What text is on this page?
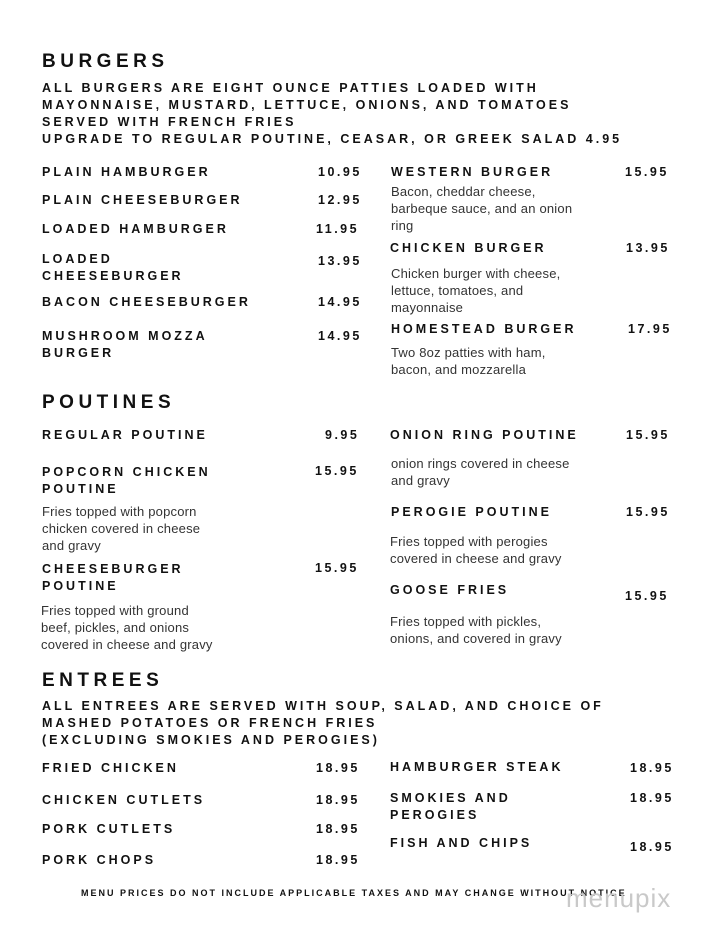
BURGERS
ALL BURGERS ARE EIGHT OUNCE PATTIES LOADED WITH
MAYONNAISE, MUSTARD, LETTUCE, ONIONS, AND TOMATOES
SERVED WITH FRENCH FRIES
UPGRADE TO REGULAR POUTINE, CEASAR, OR GREEK SALAD 4.95
PLAIN HAMBURGER	10.95
PLAIN CHEESEBURGER	12.95
LOADED HAMBURGER	11.95
LOADED
CHEESEBURGER
13.95
BACON CHEESEBURGER	14.95
MUSHROOM MOZZA
BURGER
14.95
WESTERN BURGER	15.95
Bacon, cheddar cheese,
barbeque sauce, and an onion
ring
CHICKEN BURGER	13.95
Chicken burger with cheese,
lettuce, tomatoes, and
mayonnaise
HOMESTEAD BURGER	17.95
Two 8oz patties with ham,
bacon, and mozzarella
POUTINES
REGULAR POUTINE	9.95
POPCORN CHICKEN
POUTINE
15.95
Fries topped with popcorn
chicken covered in cheese
and gravy
CHEESEBURGER
POUTINE
15.95
Fries topped with ground
beef, pickles, and onions
covered in cheese and gravy
ONION RING POUTINE	15.95
onion rings covered in cheese
and gravy
PEROGIE POUTINE	15.95
Fries topped with perogies
covered in cheese and gravy
GOOSE FRIES	15.95
Fries topped with pickles,
onions, and covered in gravy
ENTREES
ALL ENTREES ARE SERVED WITH SOUP, SALAD, AND CHOICE OF
MASHED POTATOES OR FRENCH FRIES
(EXCLUDING SMOKIES AND PEROGIES)
FRIED CHICKEN	18.95
CHICKEN CUTLETS	18.95
PORK CUTLETS	18.95
PORK CHOPS	18.95
HAMBURGER STEAK	18.95
SMOKIES AND
PEROGIES
18.95
FISH AND CHIPS	18.95
MENU PRICES DO NOT INCLUDE APPLICABLE TAXES AND MAY CHANGE WITHOUT NOTICE
menupix
